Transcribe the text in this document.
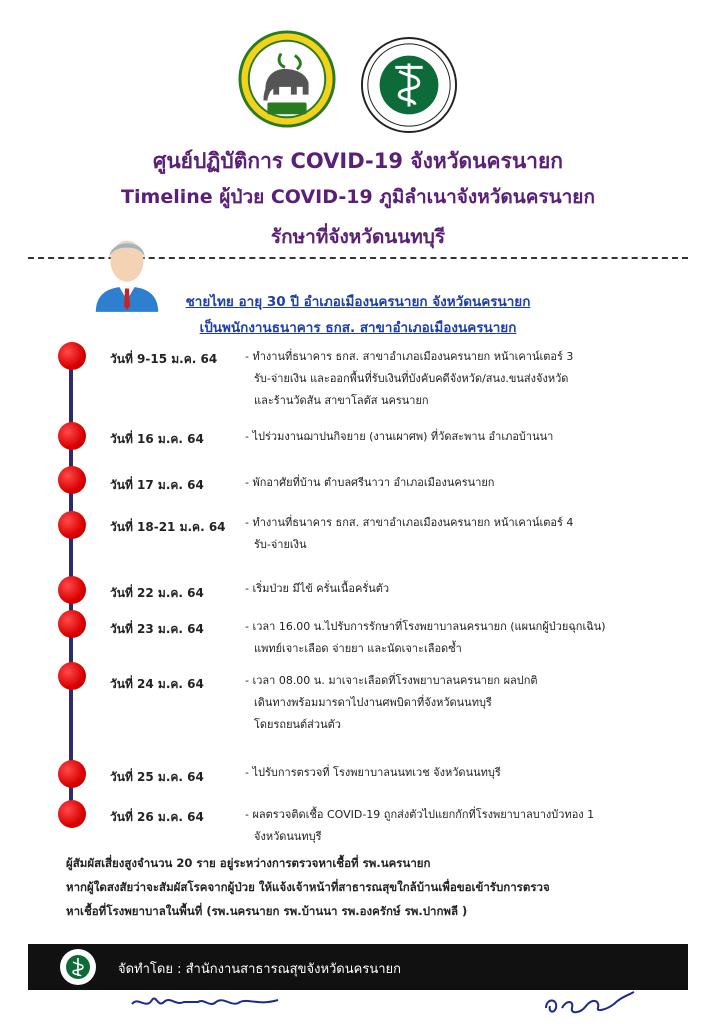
ศูนย์ปฏิบัติการ COVID-19 จังหวัดนครนายก
Timeline ผู้ป่วย COVID-19 ภูมิลำเนาจังหวัดนครนายก
รักษาที่จังหวัดนนทบุรี
ชายไทย อายุ 30 ปี อำเภอเมืองนครนายก จังหวัดนครนายก
เป็นพนักงานธนาคาร ธกส. สาขาอำเภอเมืองนครนายก
วันที่ 9-15 ม.ค. 64	- ทำงานที่ธนาคาร ธกส. สาขาอำเภอเมืองนครนายก หน้าเคาน์เตอร์ 3
รับ-จ่ายเงิน และออกพื้นที่รับเงินที่บังคับคดีจังหวัด/สนง.ขนส่งจังหวัด
และร้านวัดสัน สาขาโลตัส นครนายก
วันที่ 16 ม.ค. 64	- ไปร่วมงานฌาปนกิจยาย (งานเผาศพ) ที่วัดสะพาน อำเภอบ้านนา
วันที่ 17 ม.ค. 64	- พักอาศัยที่บ้าน ตำบลศรีนาวา อำเภอเมืองนครนายก
วันที่ 18-21 ม.ค. 64 - ทำงานที่ธนาคาร ธกส. สาขาอำเภอเมืองนครนายก หน้าเคาน์เตอร์ 4
รับ-จ่ายเงิน
วันที่ 22 ม.ค. 64	- เริ่มป่วย มีไข้ ครั่นเนื้อครั่นตัว
วันที่ 23 ม.ค. 64	- เวลา 16.00 น.ไปรับการรักษาที่โรงพยาบาลนครนายก (แผนกผู้ป่วยฉุกเฉิน)
แพทย์เจาะเลือด จ่ายยา และนัดเจาะเลือดซ้ำ
วันที่ 24 ม.ค. 64	- เวลา 08.00 น. มาเจาะเลือดที่โรงพยาบาลนครนายก ผลปกติ
เดินทางพร้อมมารดาไปงานศพบิดาที่จังหวัดนนทบุรี
โดยรถยนต์ส่วนตัว
วันที่ 25 ม.ค. 64	- ไปรับการตรวจที่ โรงพยาบาลนนทเวช จังหวัดนนทบุรี
วันที่ 26 ม.ค. 64	- ผลตรวจติดเชื้อ COVID-19 ถูกส่งตัวไปแยกกักที่โรงพยาบาลบางบัวทอง 1
จังหวัดนนทบุรี
ผู้สัมผัสเสี่ยงสูงจำนวน 20 ราย อยู่ระหว่างการตรวจหาเชื้อที่ รพ.นครนายก
หากผู้ใดสงสัยว่าจะสัมผัสโรคจากผู้ป่วย ให้แจ้งเจ้าหน้าที่สาธารณสุขใกล้บ้านเพื่อขอเข้ารับการตรวจ
หาเชื้อที่โรงพยาบาลในพื้นที่ (รพ.นครนายก รพ.บ้านนา รพ.องครักษ์ รพ.ปากพลี )
จัดทำโดย : สำนักงานสาธารณสุขจังหวัดนครนายก
